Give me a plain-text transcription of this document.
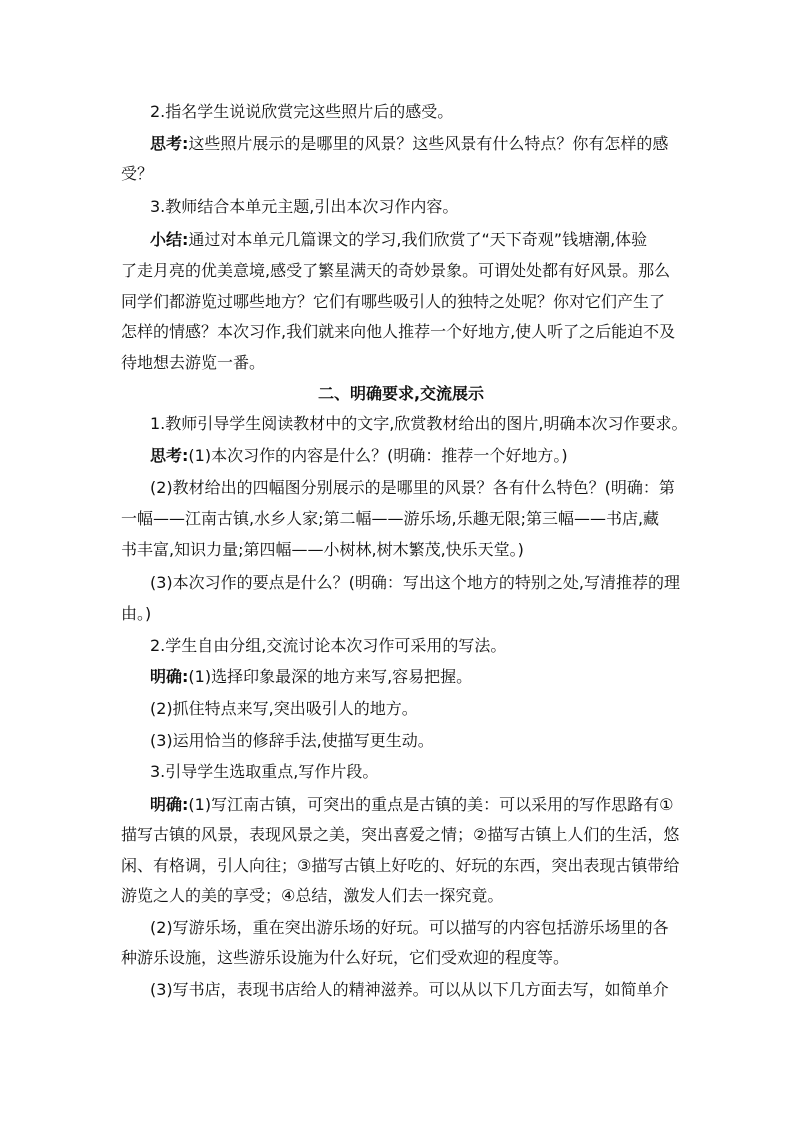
2.指名学生说说欣赏完这些照片后的感受。
思考:这些照片展示的是哪里的风景？这些风景有什么特点？你有怎样的感
受？
3.教师结合本单元主题,引出本次习作内容。
小结:通过对本单元几篇课文的学习,我们欣赏了“天下奇观”钱塘潮,体验
了走月亮的优美意境,感受了繁星满天的奇妙景象。可谓处处都有好风景。那么
同学们都游览过哪些地方？它们有哪些吸引人的独特之处呢？你对它们产生了
怎样的情感？本次习作,我们就来向他人推荐一个好地方,使人听了之后能迫不及
待地想去游览一番。
二、明确要求,交流展示
1.教师引导学生阅读教材中的文字,欣赏教材给出的图片,明确本次习作要求。
思考:(1)本次习作的内容是什么？(明确：推荐一个好地方。)
(2)教材给出的四幅图分别展示的是哪里的风景？各有什么特色？(明确：第
一幅——江南古镇,水乡人家;第二幅——游乐场,乐趣无限;第三幅——书店,藏
书丰富,知识力量;第四幅——小树林,树木繁茂,快乐天堂。)
(3)本次习作的要点是什么？(明确：写出这个地方的特别之处,写清推荐的理
由。)
2.学生自由分组,交流讨论本次习作可采用的写法。
明确:(1)选择印象最深的地方来写,容易把握。
(2)抓住特点来写,突出吸引人的地方。
(3)运用恰当的修辞手法,使描写更生动。
3.引导学生选取重点,写作片段。
明确:(1)写江南古镇，可突出的重点是古镇的美：可以采用的写作思路有①
描写古镇的风景，表现风景之美，突出喜爱之情；②描写古镇上人们的生活，悠
闲、有格调，引人向往；③描写古镇上好吃的、好玩的东西，突出表现古镇带给
游览之人的美的享受；④总结，激发人们去一探究竟。
(2)写游乐场，重在突出游乐场的好玩。可以描写的内容包括游乐场里的各
种游乐设施，这些游乐设施为什么好玩，它们受欢迎的程度等。
(3)写书店，表现书店给人的精神滋养。可以从以下几方面去写，如简单介
